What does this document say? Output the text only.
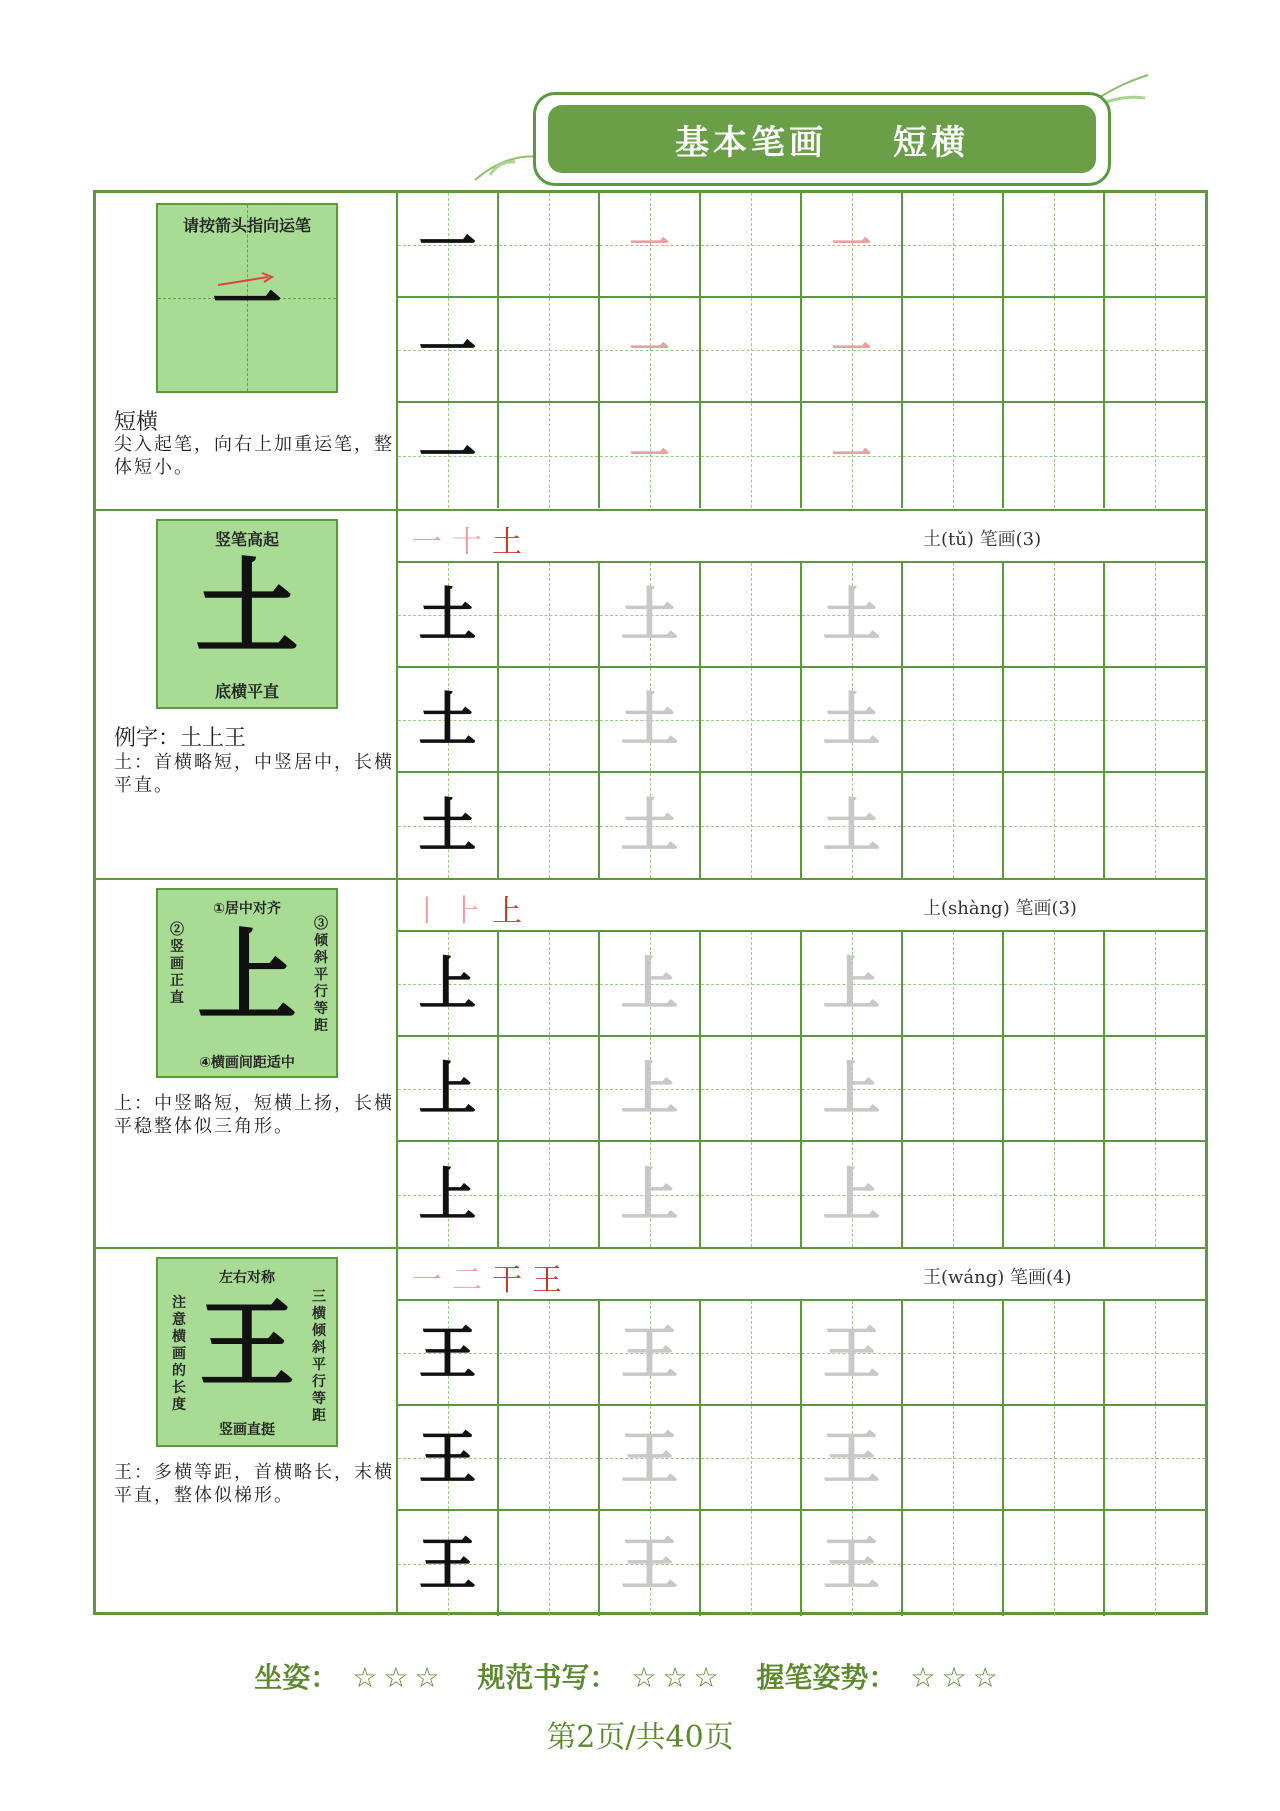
基本笔画 短横
请按箭头指向运笔
一
短横
尖入起笔，向右上加重运笔，整体短小。
一	一	一
一	一	一
一	一	一
竖笔高起
土
底横平直
例字：土上王
土：首横略短，中竖居中，长横平直。
⼀ 十 土	土(tǔ) 笔画(3)
土 土 土
土 土 土
土 土 土
①居中对齐
②竖画正直
③倾斜平行等距
上
④横画间距适中
上：中竖略短，短横上扬，长横平稳整体似三角形。
丨 ⺊ 上	上(shàng) 笔画(3)
上 上 上
上 上 上
上 上 上
左右对称
注意横画的长度
三横倾斜平行等距
王
竖画直挺
王：多横等距，首横略长，末横平直，整体似梯形。
⼀ 二 干 王	王(wáng) 笔画(4)
王 王 王
王 王 王
王 王 王
坐姿： ☆☆☆ 规范书写： ☆☆☆ 握笔姿势： ☆☆☆
第2页/共40页
